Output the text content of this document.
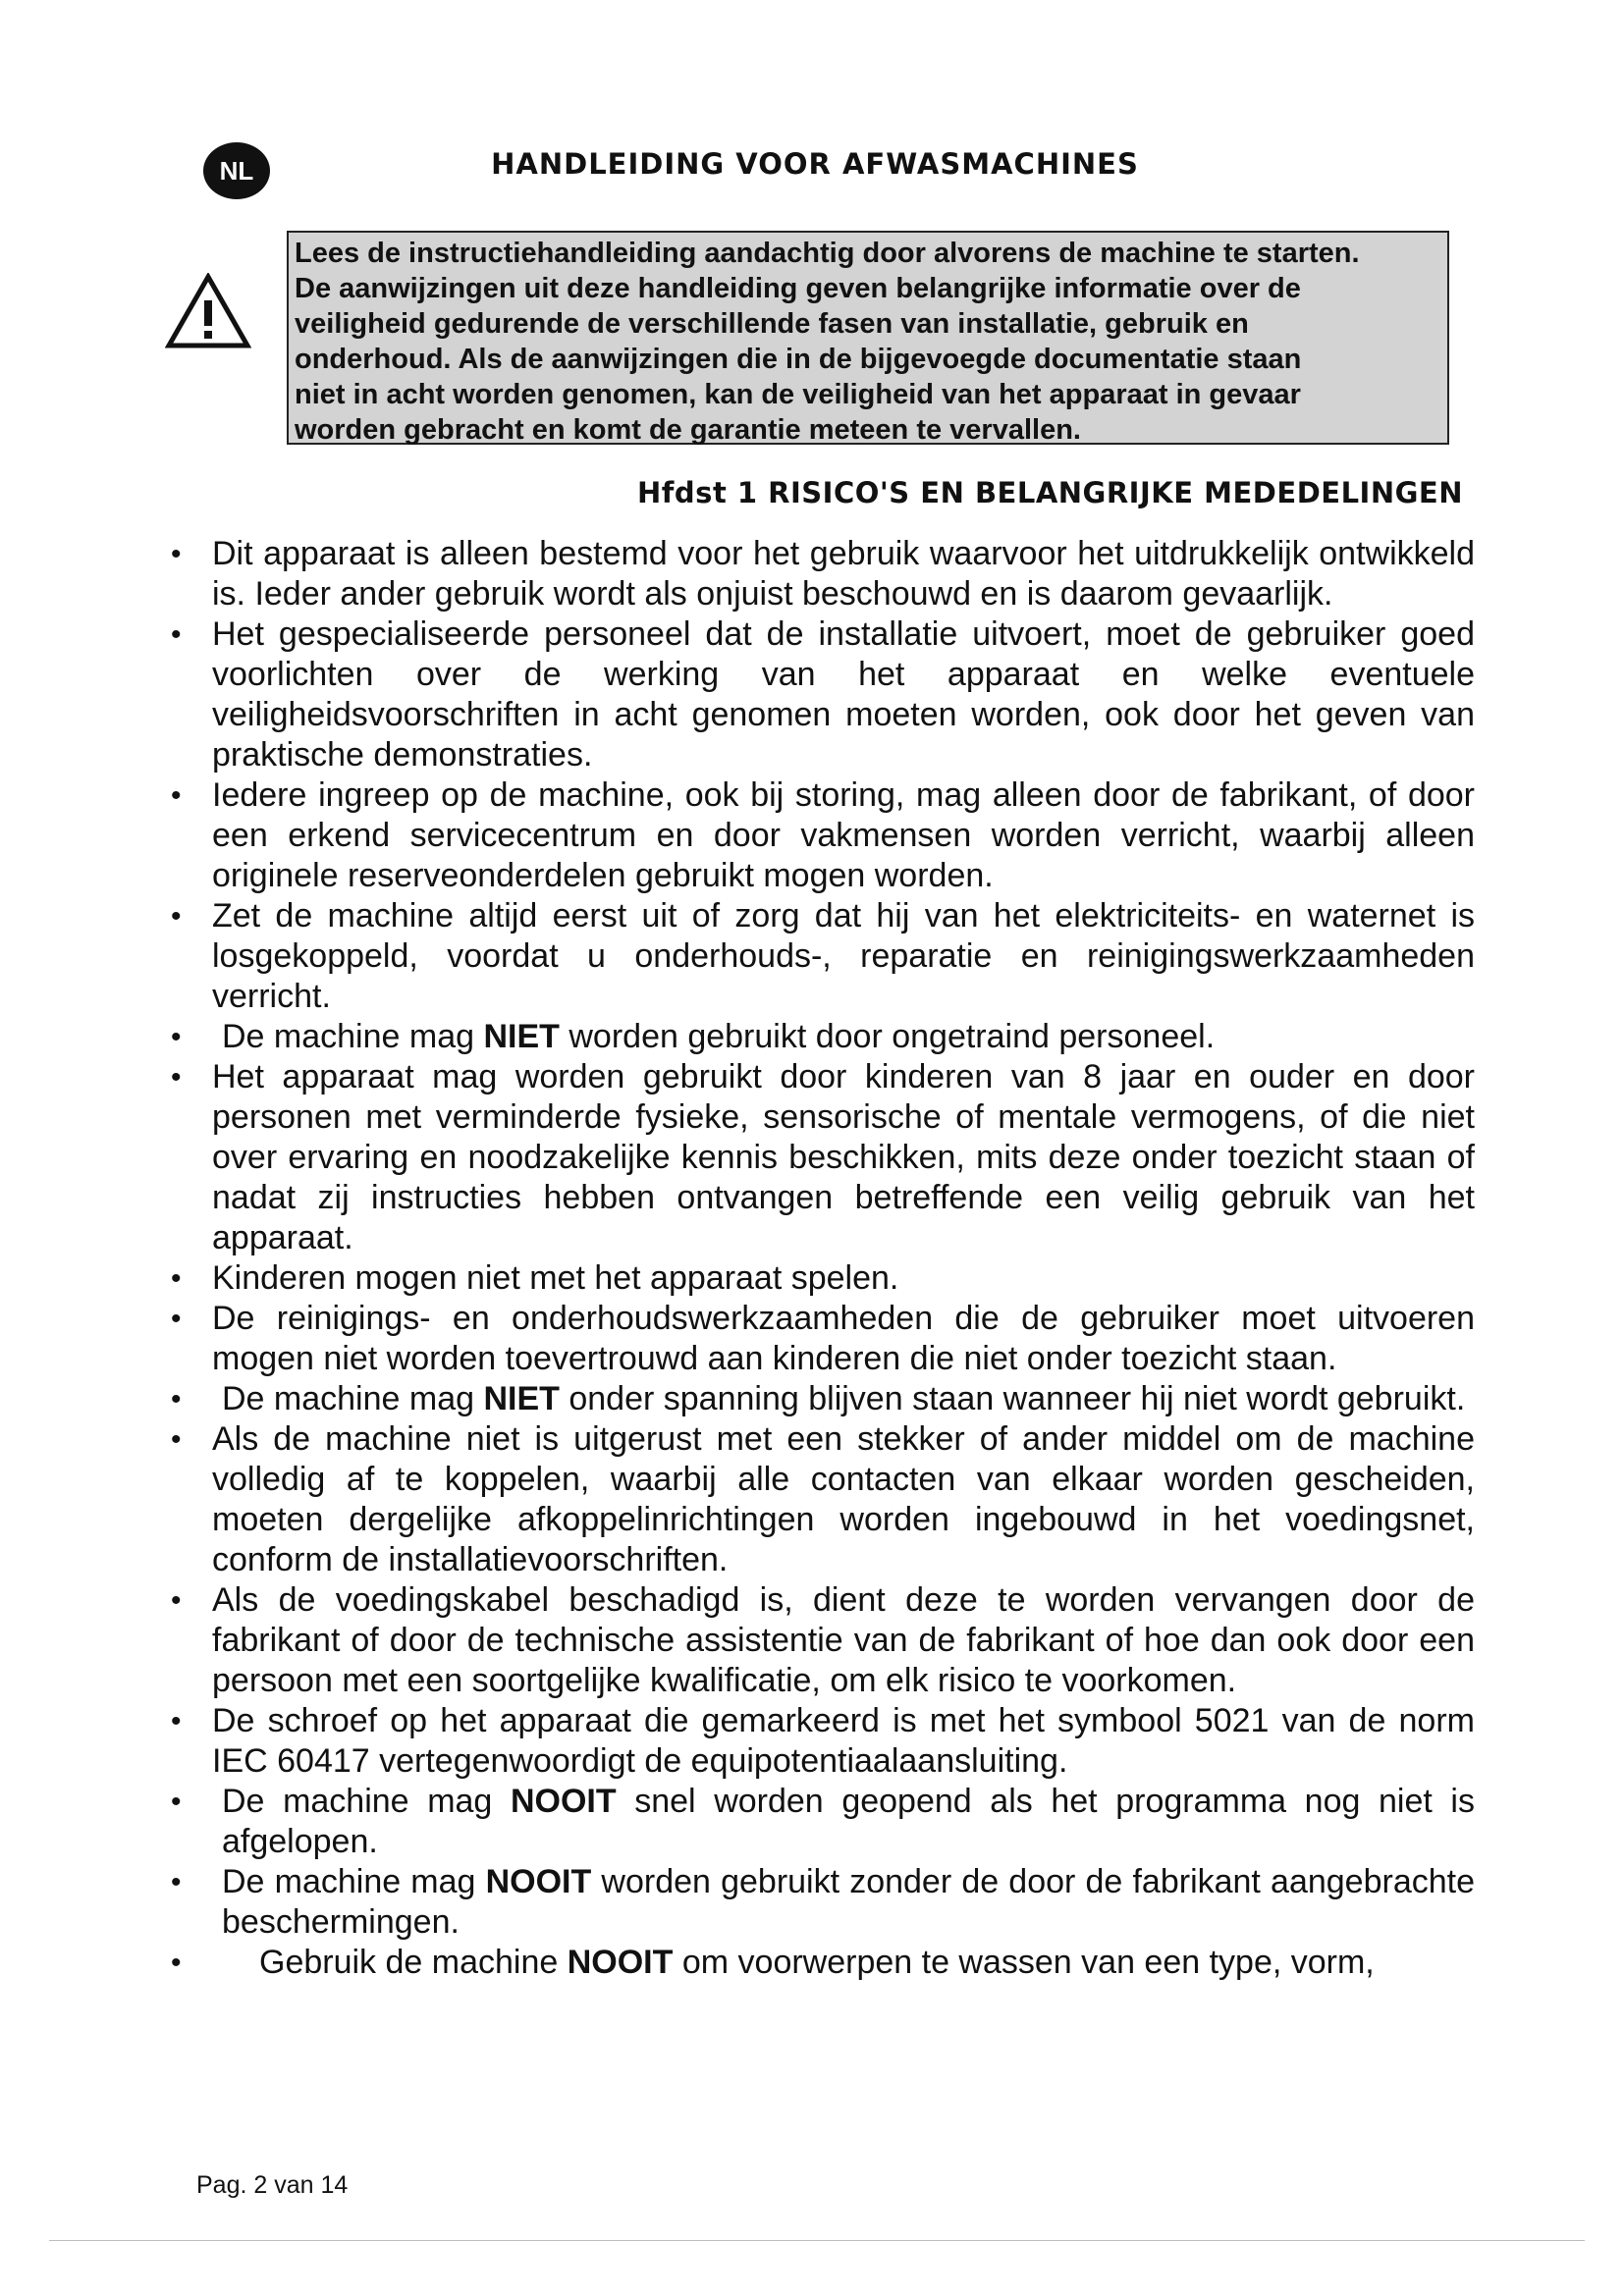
NL	HANDLEIDING VOOR AFWASMACHINES

Lees de instructiehandleiding aandachtig door alvorens de machine te starten.

De aanwijzingen uit deze handleiding geven belangrijke informatie over de

veiligheid gedurende de verschillende fasen van installatie, gebruik en

onderhoud. Als de aanwijzingen die in de bijgevoegde documentatie staan

niet in acht worden genomen, kan de veiligheid van het apparaat in gevaar

worden gebracht en komt de garantie meteen te vervallen.

Hfdst 1 RISICO'S EN BELANGRIJKE MEDEDELINGEN
• Dit apparaat is alleen bestemd voor het gebruik waarvoor het uitdrukkelijk ontwikkeld is. Ieder ander gebruik wordt als onjuist beschouwd en is daarom gevaarlijk.
• Het gespecialiseerde personeel dat de installatie uitvoert, moet de gebruiker goed voorlichten over de werking van het apparaat en welke eventuele veiligheidsvoorschriften in acht genomen moeten worden, ook door het geven van praktische demonstraties.
• Iedere ingreep op de machine, ook bij storing, mag alleen door de fabrikant, of door een erkend servicecentrum en door vakmensen worden verricht, waarbij alleen originele reserveonderdelen gebruikt mogen worden.
• Zet de machine altijd eerst uit of zorg dat hij van het elektriciteits- en waternet is losgekoppeld, voordat u onderhouds-, reparatie en reinigingswerkzaamheden verricht.
• De machine mag NIET worden gebruikt door ongetraind personeel.
• Het apparaat mag worden gebruikt door kinderen van 8 jaar en ouder en door personen met verminderde fysieke, sensorische of mentale vermogens, of die niet over ervaring en noodzakelijke kennis beschikken, mits deze onder toezicht staan of nadat zij instructies hebben ontvangen betreffende een veilig gebruik van het apparaat.
• Kinderen mogen niet met het apparaat spelen.
• De reinigings- en onderhoudswerkzaamheden die de gebruiker moet uitvoeren mogen niet worden toevertrouwd aan kinderen die niet onder toezicht staan.
• De machine mag NIET onder spanning blijven staan wanneer hij niet wordt gebruikt.
• Als de machine niet is uitgerust met een stekker of ander middel om de machine volledig af te koppelen, waarbij alle contacten van elkaar worden gescheiden, moeten dergelijke afkoppelinrichtingen worden ingebouwd in het voedingsnet, conform de installatievoorschriften.
• Als de voedingskabel beschadigd is, dient deze te worden vervangen door de fabrikant of door de technische assistentie van de fabrikant of hoe dan ook door een persoon met een soortgelijke kwalificatie, om elk risico te voorkomen.
• De schroef op het apparaat die gemarkeerd is met het symbool 5021 van de norm IEC 60417 vertegenwoordigt de equipotentiaalaansluiting.
• De machine mag NOOIT snel worden geopend als het programma nog niet is afgelopen.
• De machine mag NOOIT worden gebruikt zonder de door de fabrikant aangebrachte beschermingen.
• Gebruik de machine NOOIT om voorwerpen te wassen van een type, vorm,
Pag. 2 van 14
